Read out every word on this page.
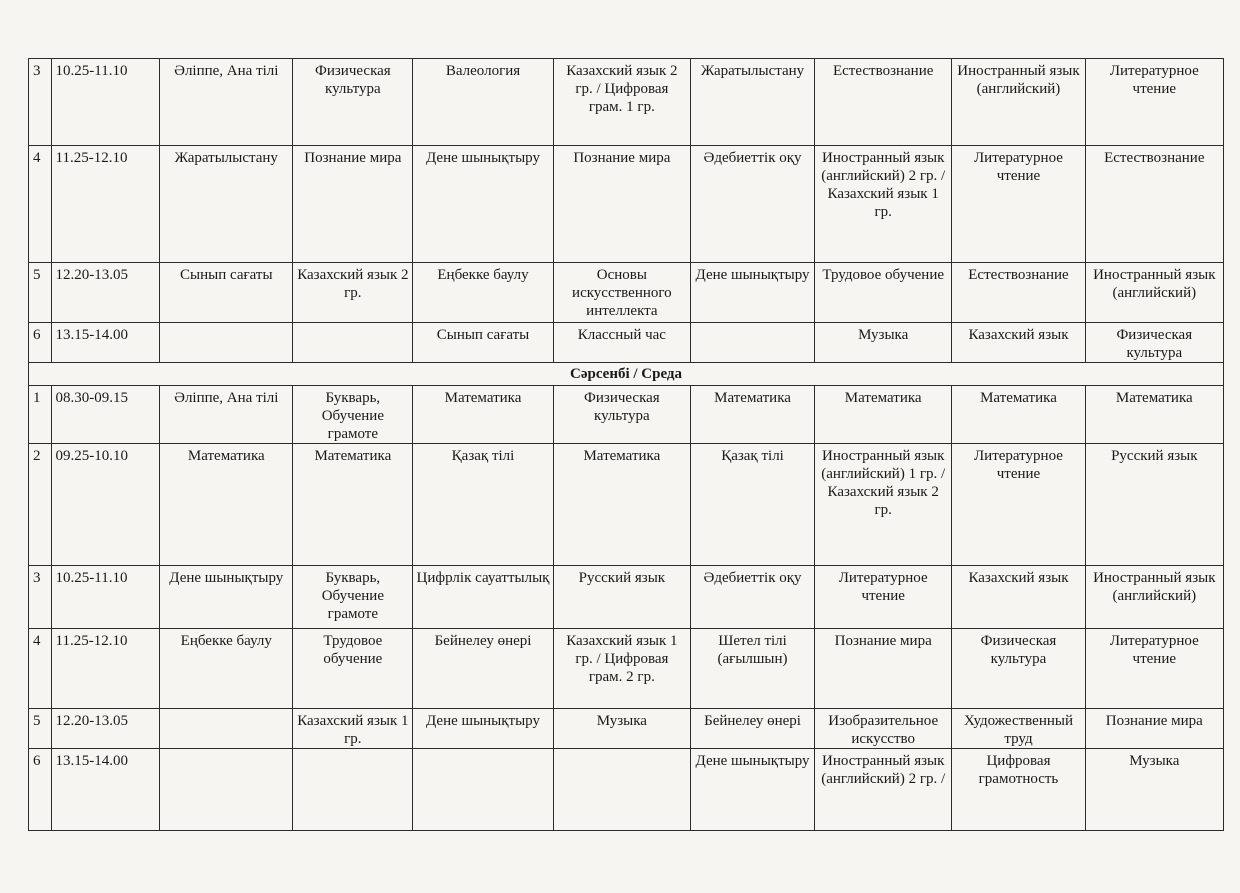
3	10.25-11.10	Әліппе, Ана тілі	Физическая культура	Валеология	Казахский язык 2 гр. / Цифровая грам. 1 гр.	Жаратылыстану	Естествознание	Иностранный язык (английский)	Литературное чтение
4	11.25-12.10	Жаратылыстану	Познание мира	Дене шынықтыру	Познание мира	Әдебиеттік оқу	Иностранный язык (английский) 2 гр. / Казахский язык 1 гр.	Литературное чтение	Естествознание
5	12.20-13.05	Сынып сағаты	Казахский язык 2 гр.	Еңбекке баулу	Основы искусственного интеллекта	Дене шынықтыру	Трудовое обучение	Естествознание	Иностранный язык (английский)
6	13.15-14.00			Сынып сағаты	Классный час		Музыка	Казахский язык	Физическая культура
Сәрсенбі / Среда									
1	08.30-09.15	Әліппе, Ана тілі	Букварь, Обучение грамоте	Математика	Физическая культура	Математика	Математика	Математика	Математика
2	09.25-10.10	Математика	Математика	Қазақ тілі	Математика	Қазақ тілі	Иностранный язык (английский) 1 гр. / Казахский язык 2 гр.	Литературное чтение	Русский язык
3	10.25-11.10	Дене шынықтыру	Букварь, Обучение грамоте	Цифрлік сауаттылық	Русский язык	Әдебиеттік оқу	Литературное чтение	Казахский язык	Иностранный язык (английский)
4	11.25-12.10	Еңбекке баулу	Трудовое обучение	Бейнелеу өнері	Казахский язык 1 гр. / Цифровая грам. 2 гр.	Шетел тілі (ағылшын)	Познание мира	Физическая культура	Литературное чтение
5	12.20-13.05		Казахский язык 1 гр.	Дене шынықтыру	Музыка	Бейнелеу өнері	Изобразительное искусство	Художественный труд	Познание мира
6	13.15-14.00					Дене шынықтыру	Иностранный язык (английский) 2 гр. /	Цифровая грамотность	Музыка
